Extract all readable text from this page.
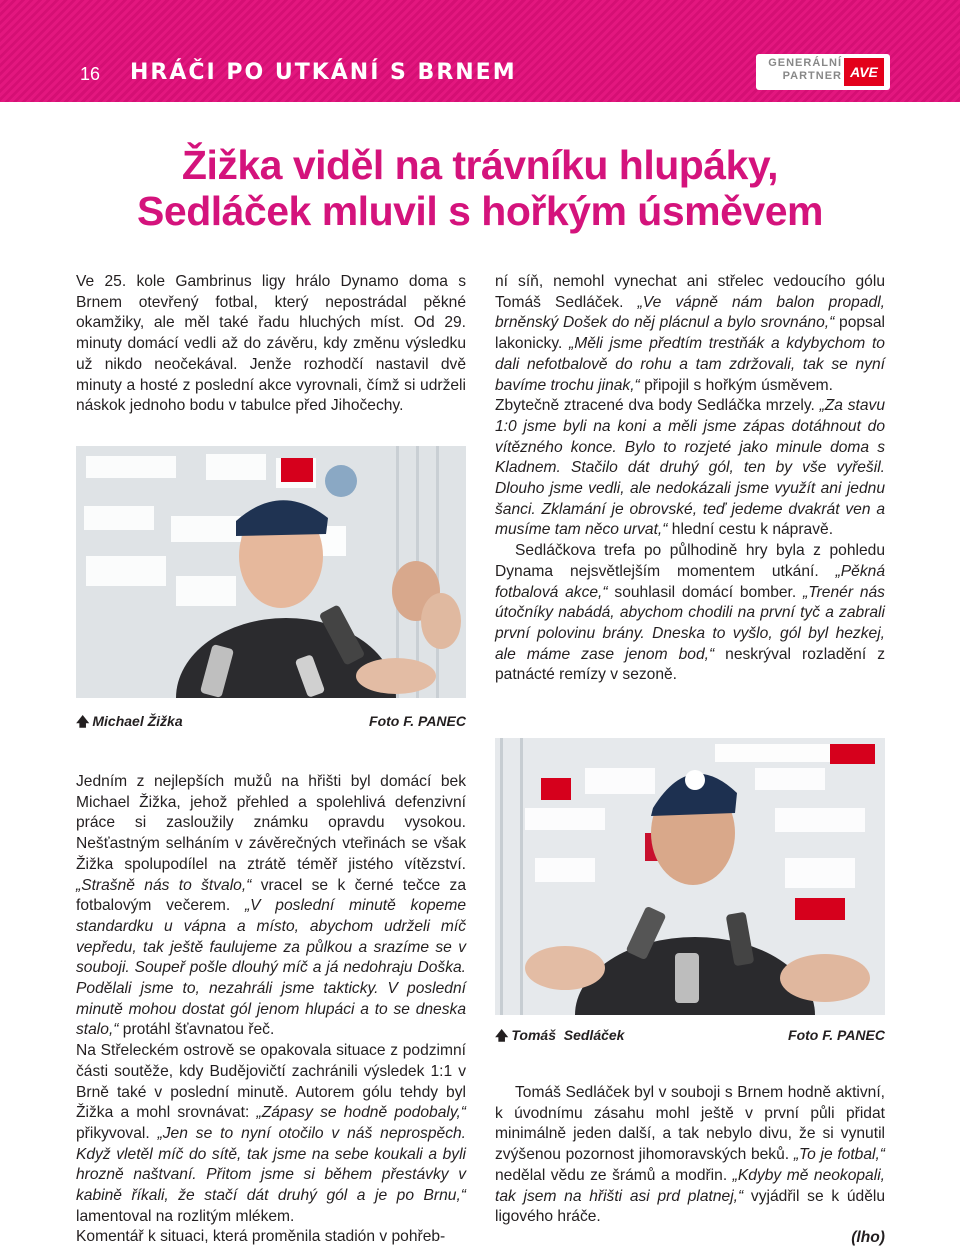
16 HRÁČI PO UTKÁNÍ S BRNEM	GENERÁLNÍ
PARTNER AVE
Žižka viděl na trávníku hlupáky,
Sedláček mluvil s hořkým úsměvem

Ve 25. kole Gambrinus ligy hrálo Dynamo doma s Brnem otevřený fotbal, který nepostrádal pěkné okamžiky, ale měl také řadu hluchých míst. Od 29. minuty domácí vedli až do závěru, kdy změnu výsledku už nikdo neočekával. Jenže rozhodčí nastavil dvě minuty a hosté z poslední akce vyrovnali, čímž si udrželi náskok jednoho bodu v tabulce před Jihočechy.

🡅 Michael Žižka	Foto F. PANEC

Jedním z nejlepších mužů na hřišti byl domácí bek Michael Žižka, jehož přehled a spolehlivá defenzivní práce si zasloužily známku opravdu vysokou. Nešťastným selháním v závěrečných vteřinách se však Žižka spolupodílel na ztrátě téměř jistého vítězství. „Strašně nás to štvalo,“ vracel se k černé tečce za fotbalovým večerem. „V poslední minutě kopeme standardku u vápna a místo, abychom udrželi míč vepředu, tak ještě faulujeme za půlkou a srazíme se v souboji. Soupeř pošle dlouhý míč a já nedohraju Doška. Podělali jsme to, nezahráli jsme takticky. V poslední minutě mohou dostat gól jenom hlupáci a to se dneska stalo,“ protáhl šťavnatou řeč.

Na Střeleckém ostrově se opakovala situace z podzimní části soutěže, kdy Budějovičtí zachránili výsledek 1:1 v Brně také v poslední minutě. Autorem gólu tehdy byl Žižka a mohl srovnávat: „Zápasy se hodně podobaly,“ přikyvoval. „Jen se to nyní otočilo v náš neprospěch. Když vletěl míč do sítě, tak jsme na sebe koukali a byli hrozně naštvaní. Přitom jsme si během přestávky v kabině říkali, že stačí dát druhý gól a je po Brnu,“ lamentoval na rozlitým mlékem.

Komentář k situaci, která proměnila stadión v pohřeb-

ní síň, nemohl vynechat ani střelec vedoucího gólu Tomáš Sedláček. „Ve vápně nám balon propadl, brněnský Došek do něj plácnul a bylo srovnáno,“ popsal lakonicky. „Měli jsme předtím trestňák a kdybychom to dali nefotbalově do rohu a tam zdržovali, tak se nyní bavíme trochu jinak,“ připojil s hořkým úsměvem.

Zbytečně ztracené dva body Sedláčka mrzely. „Za stavu 1:0 jsme byli na koni a měli jsme zápas dotáhnout do vítězného konce. Bylo to rozjeté jako minule doma s Kladnem. Stačilo dát druhý gól, ten by vše vyřešil. Dlouho jsme vedli, ale nedokázali jsme využít ani jednu šanci. Zklamání je obrovské, teď jedeme dvakrát ven a musíme tam něco urvat,“ hlední cestu k nápravě.

Sedláčkova trefa po půlhodině hry byla z pohledu Dynama nejsvětlejším momentem utkání. „Pěkná fotbalová akce,“ souhlasil domácí bomber. „Trenér nás útočníky nabádá, abychom chodili na první tyč a zabrali první polovinu brány. Dneska to vyšlo, gól byl hezkej, ale máme zase jenom bod,“ neskrýval rozladění z patnácté remízy v sezoně.

🡅 Tomáš  Sedláček	Foto F. PANEC

Tomáš Sedláček byl v souboji s Brnem hodně aktivní, k úvodnímu zásahu mohl ještě v první půli přidat minimálně jeden další, a tak nebylo divu, že si vynutil zvýšenou pozornost jihomoravských beků. „To je fotbal,“ nedělal vědu ze šrámů a modřin. „Kdyby mě neokopali, tak jsem na hřišti asi prd platnej,“ vyjádřil se k údělu ligového hráče.

(lho)
